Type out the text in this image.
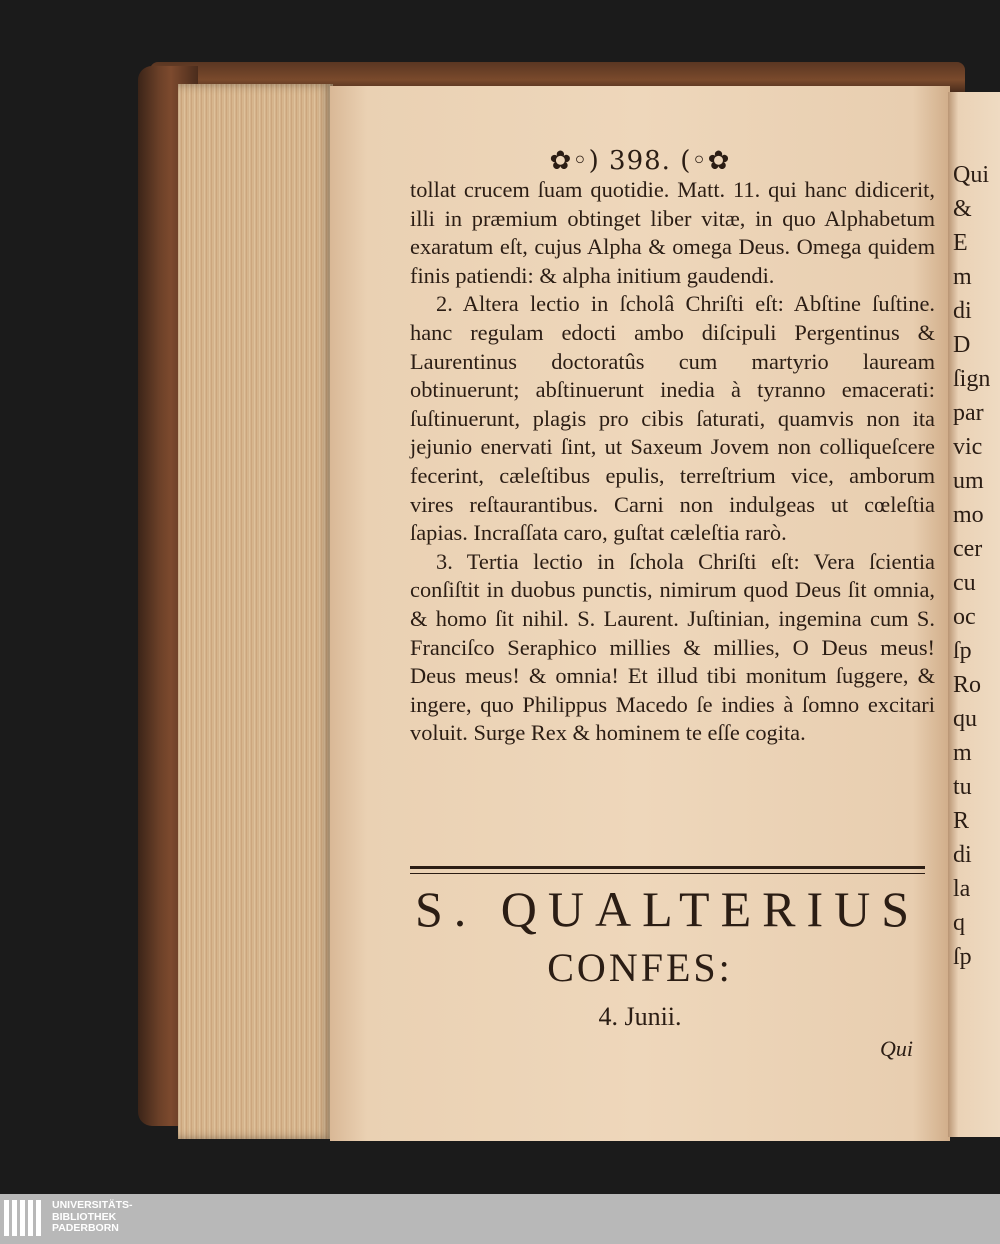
✿◦) 398. (◦✿

tollat crucem ſuam quotidie. Matt. 11. qui hanc didicerit, illi in præmium obtinget liber vitæ, in quo Alphabetum exaratum eſt, cujus Alpha & omega Deus. Omega quidem finis patiendi: & alpha initium gaudendi.

2. Altera lectio in ſcholâ Chriſti eſt: Abſtine ſuſtine. hanc regulam edocti ambo diſcipuli Pergentinus & Laurentinus doctoratûs cum martyrio lauream obtinuerunt; abſtinuerunt inedia à tyranno emacerati: ſuſtinuerunt, plagis pro cibis ſaturati, quamvis non ita jejunio enervati ſint, ut Saxeum Jovem non colliqueſcere fecerint, cæleſtibus epulis, terreſtrium vice, amborum vires reſtaurantibus. Carni non indulgeas ut cœleſtia ſapias. Incraſſata caro, guſtat cæleſtia rarò.

3. Tertia lectio in ſchola Chriſti eſt: Vera ſcientia conſiſtit in duobus punctis, nimirum quod Deus ſit omnia, & homo ſit nihil. S. Laurent. Juſtinian, ingemina cum S. Franciſco Seraphico millies & millies, O Deus meus! Deus meus! & omnia! Et illud tibi monitum ſuggere, & ingere, quo Philippus Macedo ſe indies à ſomno excitari voluit. Surge Rex & hominem te eſſe cogita.

S. QUALTERIUS
CONFES:
4. Junii.
Qui
Qui
&
E
m
di
D
ſign
par
vic
um
mo
cer
cu
oc
ſp
Ro
qu
m
tu
R
di
la
q
ſp
UNIVERSITÄTS-
BIBLIOTHEK
PADERBORN
